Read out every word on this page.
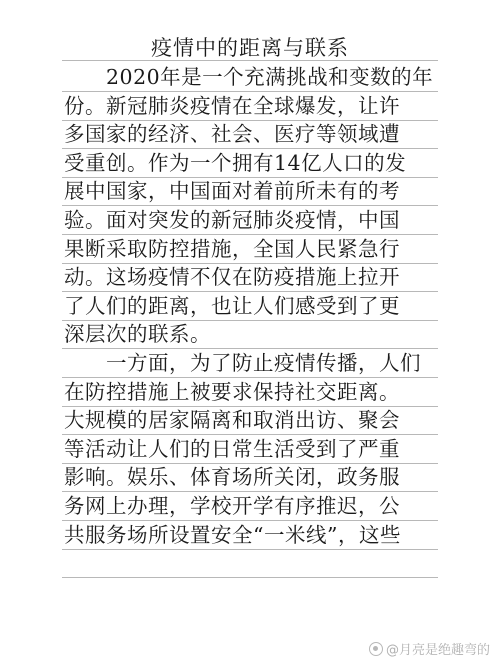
疫情中的距离与联系
　　2020年是一个充满挑战和变数的年
份。新冠肺炎疫情在全球爆发，让许
多国家的经济、社会、医疗等领域遭
受重创。作为一个拥有14亿人口的发
展中国家，中国面对着前所未有的考
验。面对突发的新冠肺炎疫情，中国
果断采取防控措施，全国人民紧急行
动。这场疫情不仅在防疫措施上拉开
了人们的距离，也让人们感受到了更
深层次的联系。
　　一方面，为了防止疫情传播，人们
在防控措施上被要求保持社交距离。
大规模的居家隔离和取消出访、聚会
等活动让人们的日常生活受到了严重
影响。娱乐、体育场所关闭，政务服
务网上办理，学校开学有序推迟，公
共服务场所设置安全“一米线”，这些
@月亮是绝趣弯的
